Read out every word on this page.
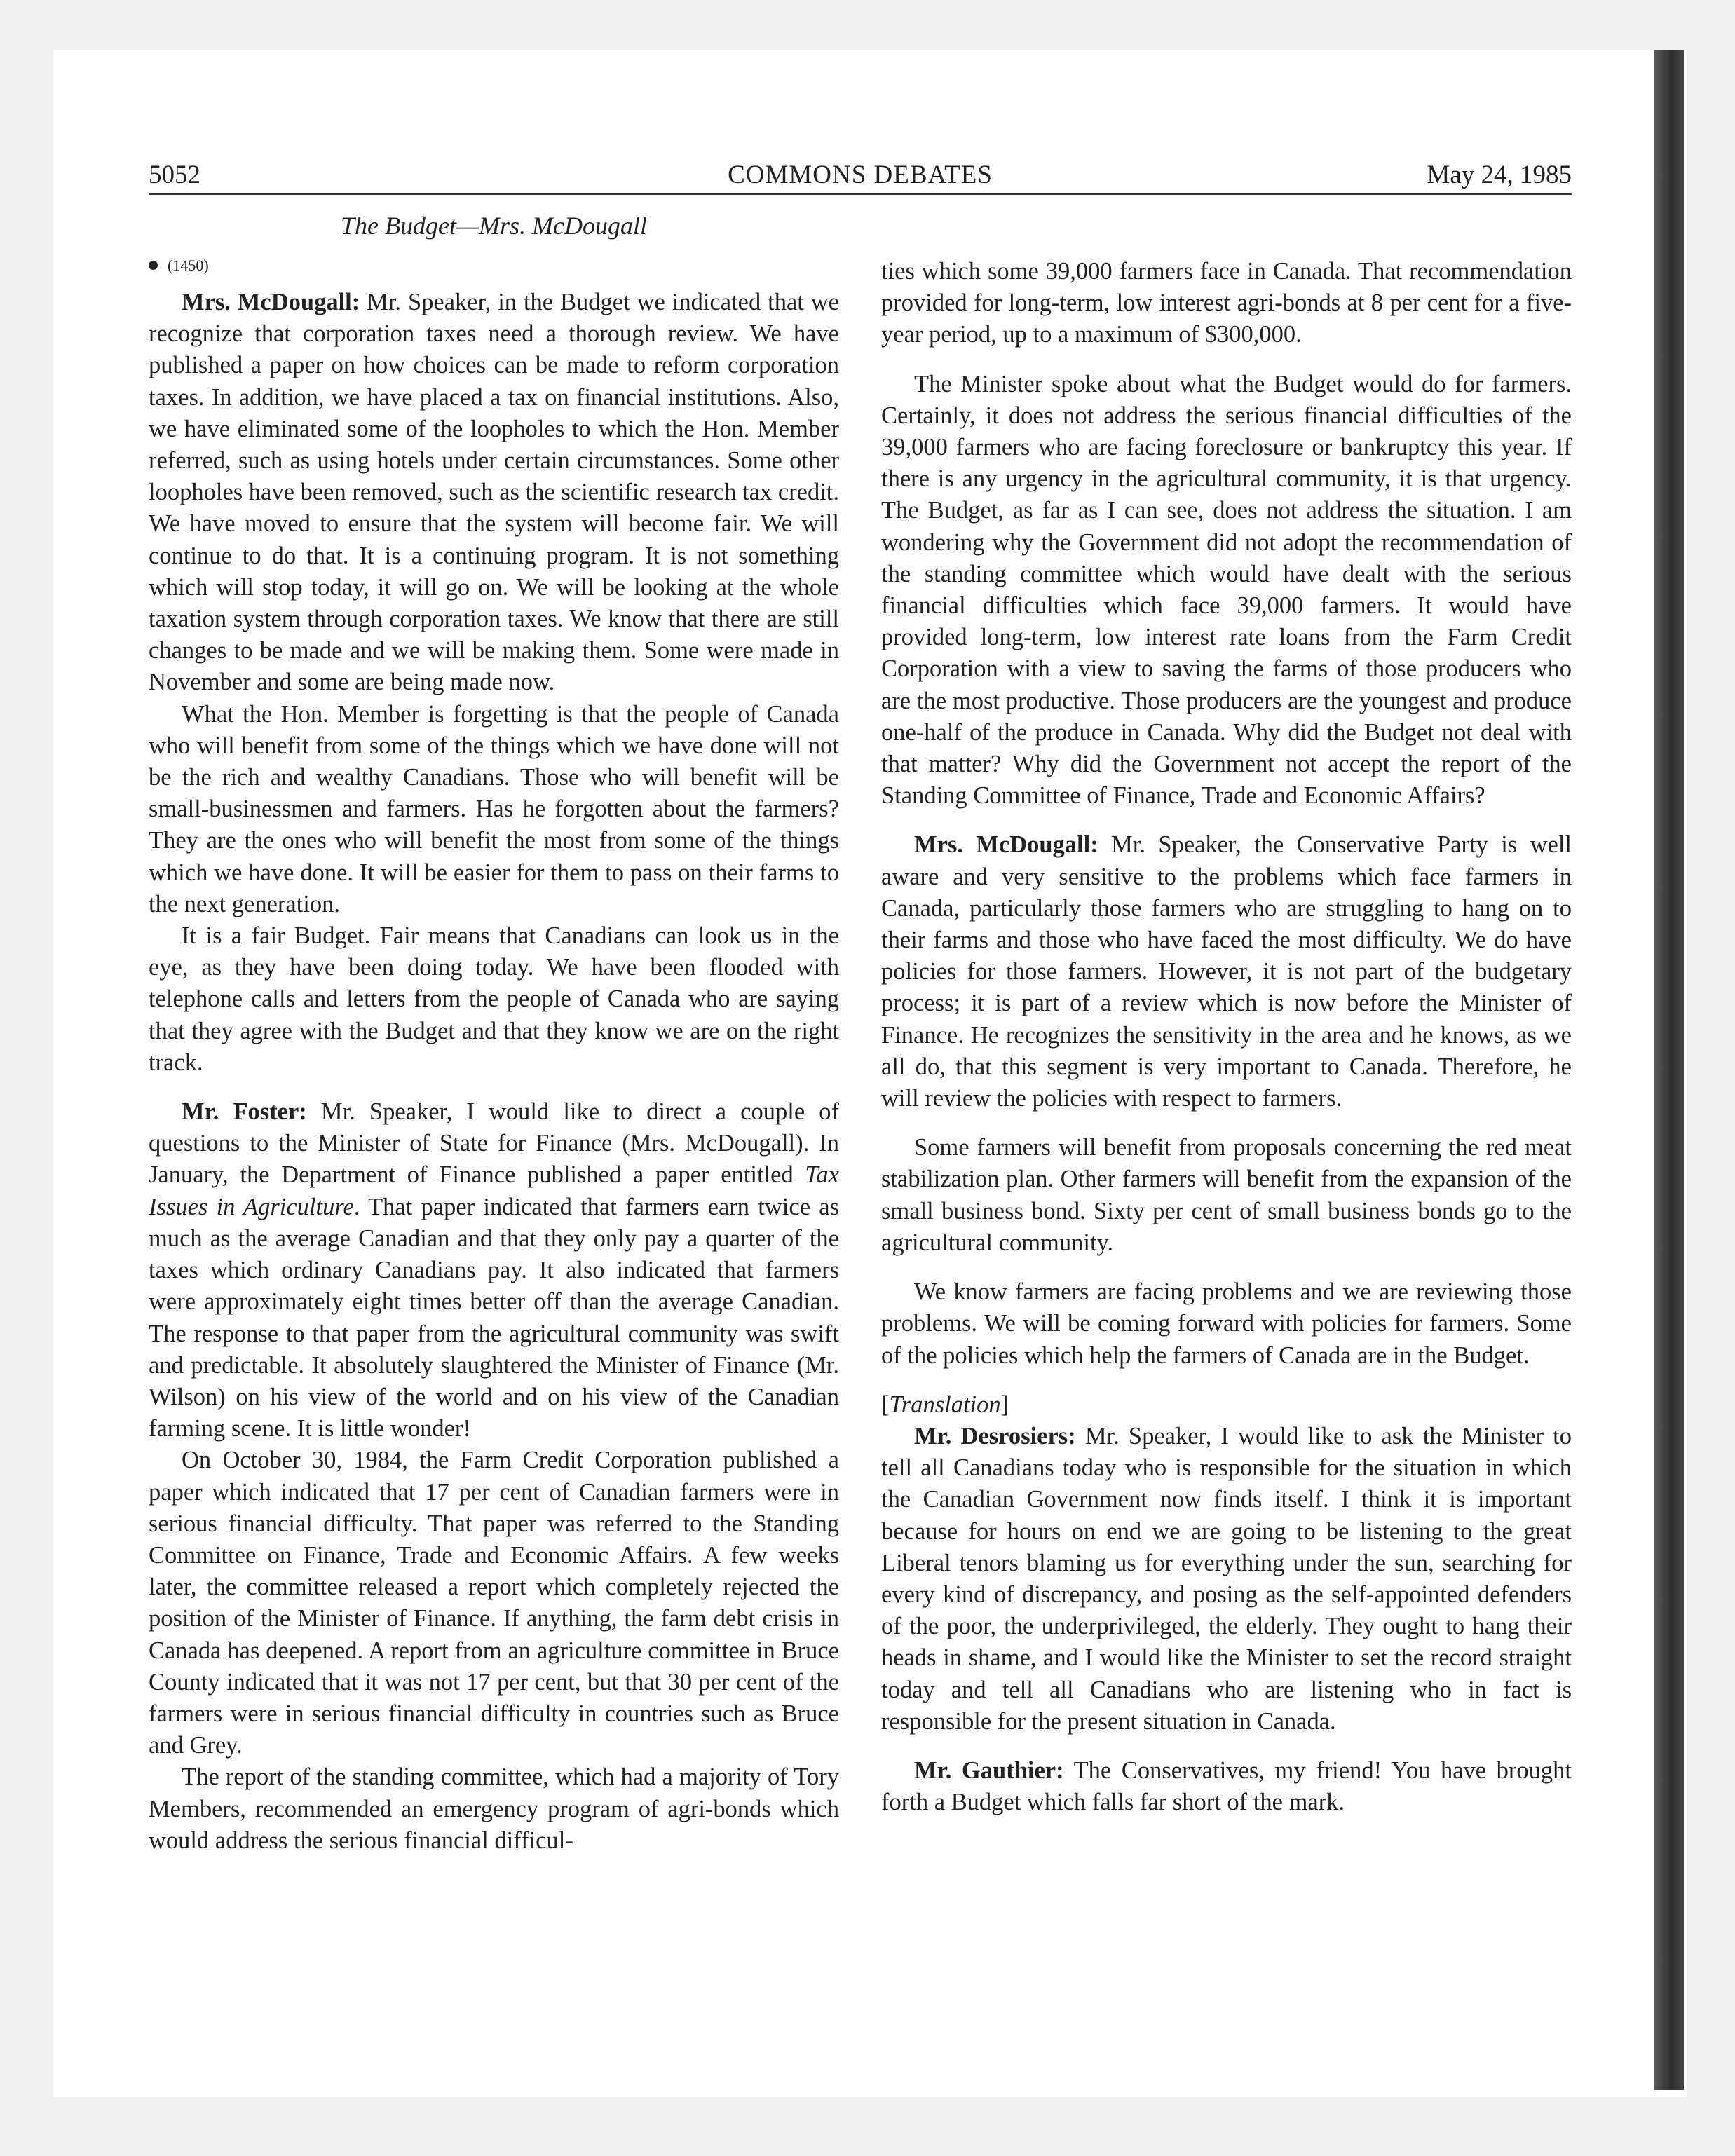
5052	COMMONS DEBATES	May 24, 1985
The Budget—Mrs. McDougall
(1450)

Mrs. McDougall: Mr. Speaker, in the Budget we indicated that we recognize that corporation taxes need a thorough review. We have published a paper on how choices can be made to reform corporation taxes. In addition, we have placed a tax on financial institutions. Also, we have eliminated some of the loopholes to which the Hon. Member referred, such as using hotels under certain circumstances. Some other loopholes have been removed, such as the scientific research tax credit. We have moved to ensure that the system will become fair. We will continue to do that. It is a continuing program. It is not something which will stop today, it will go on. We will be looking at the whole taxation system through corporation taxes. We know that there are still changes to be made and we will be making them. Some were made in November and some are being made now.

What the Hon. Member is forgetting is that the people of Canada who will benefit from some of the things which we have done will not be the rich and wealthy Canadians. Those who will benefit will be small-businessmen and farmers. Has he forgotten about the farmers? They are the ones who will benefit the most from some of the things which we have done. It will be easier for them to pass on their farms to the next generation.

It is a fair Budget. Fair means that Canadians can look us in the eye, as they have been doing today. We have been flooded with telephone calls and letters from the people of Canada who are saying that they agree with the Budget and that they know we are on the right track.

Mr. Foster: Mr. Speaker, I would like to direct a couple of questions to the Minister of State for Finance (Mrs. McDougall). In January, the Department of Finance published a paper entitled Tax Issues in Agriculture. That paper indicated that farmers earn twice as much as the average Canadian and that they only pay a quarter of the taxes which ordinary Canadians pay. It also indicated that farmers were approximately eight times better off than the average Canadian. The response to that paper from the agricultural community was swift and predictable. It absolutely slaughtered the Minister of Finance (Mr. Wilson) on his view of the world and on his view of the Canadian farming scene. It is little wonder!

On October 30, 1984, the Farm Credit Corporation published a paper which indicated that 17 per cent of Canadian farmers were in serious financial difficulty. That paper was referred to the Standing Committee on Finance, Trade and Economic Affairs. A few weeks later, the committee released a report which completely rejected the position of the Minister of Finance. If anything, the farm debt crisis in Canada has deepened. A report from an agriculture committee in Bruce County indicated that it was not 17 per cent, but that 30 per cent of the farmers were in serious financial difficulty in countries such as Bruce and Grey.

The report of the standing committee, which had a majority of Tory Members, recommended an emergency program of agri-bonds which would address the serious financial difficul-

ties which some 39,000 farmers face in Canada. That recommendation provided for long-term, low interest agri-bonds at 8 per cent for a five-year period, up to a maximum of $300,000.

The Minister spoke about what the Budget would do for farmers. Certainly, it does not address the serious financial difficulties of the 39,000 farmers who are facing foreclosure or bankruptcy this year. If there is any urgency in the agricultural community, it is that urgency. The Budget, as far as I can see, does not address the situation. I am wondering why the Government did not adopt the recommendation of the standing committee which would have dealt with the serious financial difficulties which face 39,000 farmers. It would have provided long-term, low interest rate loans from the Farm Credit Corporation with a view to saving the farms of those producers who are the most productive. Those producers are the youngest and produce one-half of the produce in Canada. Why did the Budget not deal with that matter? Why did the Government not accept the report of the Standing Committee of Finance, Trade and Economic Affairs?

Mrs. McDougall: Mr. Speaker, the Conservative Party is well aware and very sensitive to the problems which face farmers in Canada, particularly those farmers who are struggling to hang on to their farms and those who have faced the most difficulty. We do have policies for those farmers. However, it is not part of the budgetary process; it is part of a review which is now before the Minister of Finance. He recognizes the sensitivity in the area and he knows, as we all do, that this segment is very important to Canada. Therefore, he will review the policies with respect to farmers.

Some farmers will benefit from proposals concerning the red meat stabilization plan. Other farmers will benefit from the expansion of the small business bond. Sixty per cent of small business bonds go to the agricultural community.

We know farmers are facing problems and we are reviewing those problems. We will be coming forward with policies for farmers. Some of the policies which help the farmers of Canada are in the Budget.

[Translation]

Mr. Desrosiers: Mr. Speaker, I would like to ask the Minister to tell all Canadians today who is responsible for the situation in which the Canadian Government now finds itself. I think it is important because for hours on end we are going to be listening to the great Liberal tenors blaming us for everything under the sun, searching for every kind of discrepancy, and posing as the self-appointed defenders of the poor, the underprivileged, the elderly. They ought to hang their heads in shame, and I would like the Minister to set the record straight today and tell all Canadians who are listening who in fact is responsible for the present situation in Canada.

Mr. Gauthier: The Conservatives, my friend! You have brought forth a Budget which falls far short of the mark.
